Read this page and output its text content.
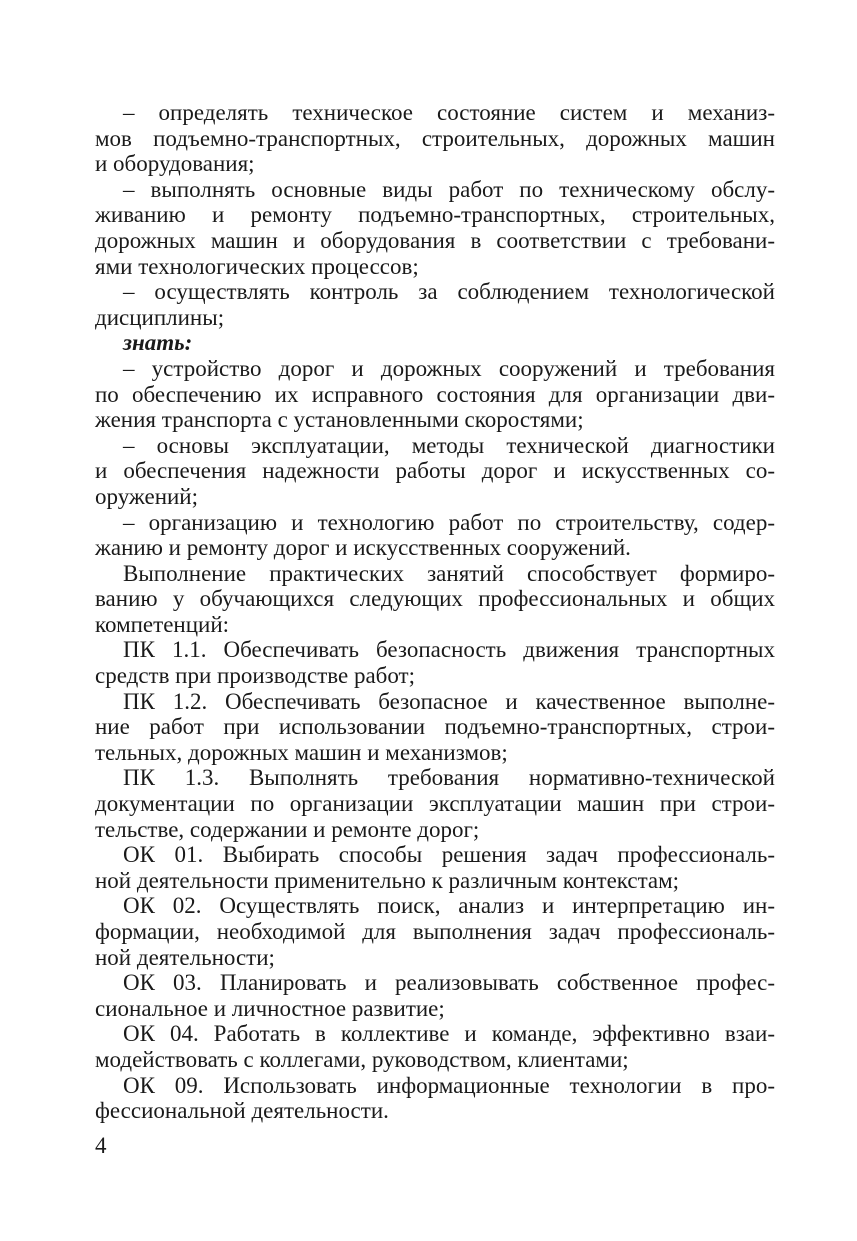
– определять техническое состояние систем и механиз-
мов подъемно-транспортных, строительных, дорожных машин
и оборудования;
– выполнять основные виды работ по техническому обслу-
живанию и ремонту подъемно-транспортных, строительных,
дорожных машин и оборудования в соответствии с требовани-
ями технологических процессов;
– осуществлять контроль за соблюдением технологической
дисциплины;

знать:

– устройство дорог и дорожных сооружений и требования
по обеспечению их исправного состояния для организации дви-
жения транспорта с установленными скоростями;
– основы эксплуатации, методы технической диагностики
и обеспечения надежности работы дорог и искусственных со-
оружений;
– организацию и технологию работ по строительству, содер-
жанию и ремонту дорог и искусственных сооружений.
Выполнение практических занятий способствует формиро-
ванию у обучающихся следующих профессиональных и общих
компетенций:
ПК 1.1. Обеспечивать безопасность движения транспортных
средств при производстве работ;
ПК 1.2. Обеспечивать безопасное и качественное выполне-
ние работ при использовании подъемно-транспортных, строи-
тельных, дорожных машин и механизмов;
ПК 1.3. Выполнять требования нормативно-технической
документации по организации эксплуатации машин при строи-
тельстве, содержании и ремонте дорог;
ОК 01. Выбирать способы решения задач профессиональ-
ной деятельности применительно к различным контекстам;
ОК 02. Осуществлять поиск, анализ и интерпретацию ин-
формации, необходимой для выполнения задач профессиональ-
ной деятельности;
ОК 03. Планировать и реализовывать собственное профес-
сиональное и личностное развитие;
ОК 04. Работать в коллективе и команде, эффективно взаи-
модействовать с коллегами, руководством, клиентами;
ОК 09. Использовать информационные технологии в про-
фессиональной деятельности.
4
